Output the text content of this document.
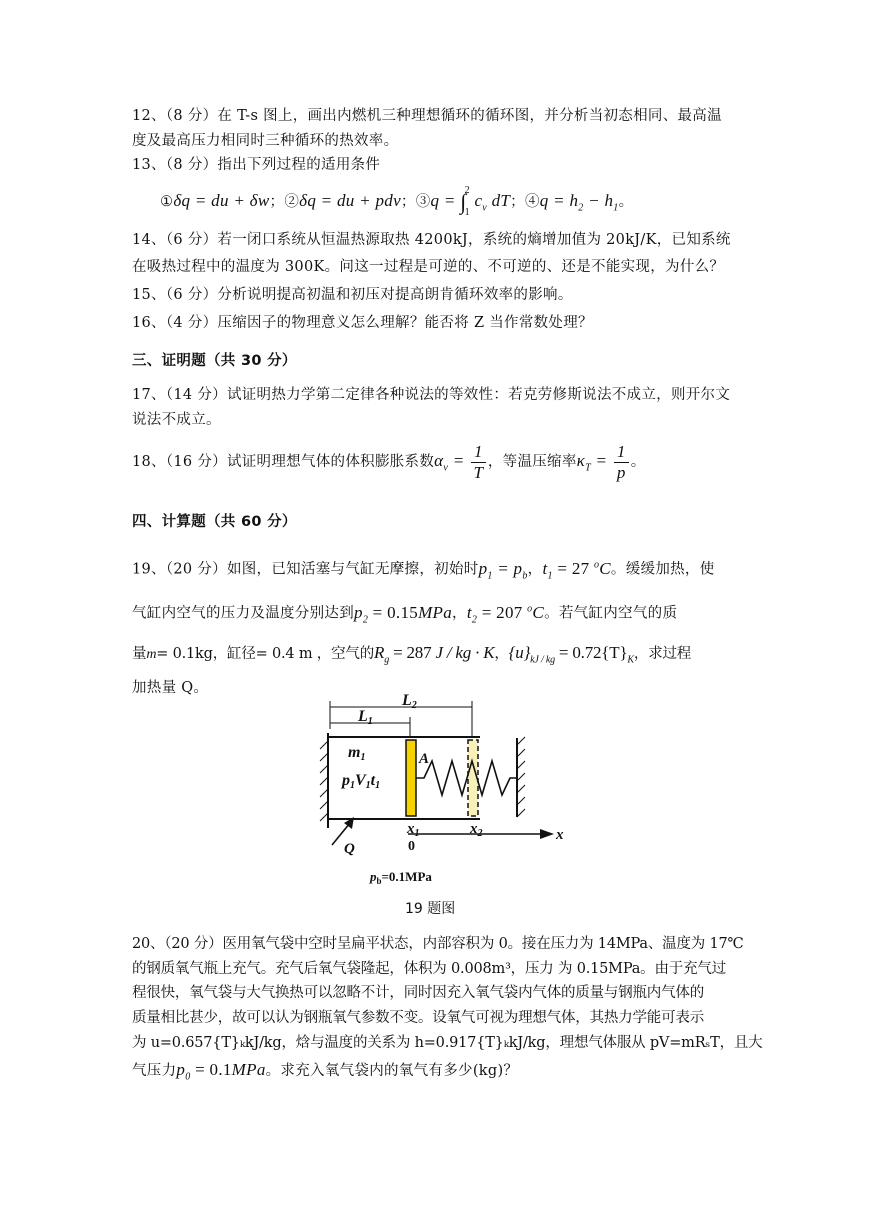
12、（8 分）在 T-s 图上，画出内燃机三种理想循环的循环图，并分析当初态相同、最高温
度及最高压力相同时三种循环的热效率。
13、（8 分）指出下列过程的适用条件
①δq = du + δw；②δq = du + pdv；③q = ∫
2
1
$c_v$ dT；④q = $h_2 - h_1$。
14、（6 分）若一闭口系统从恒温热源取热 4200kJ，系统的熵增加值为 20kJ/K，已知系统
在吸热过程中的温度为 300K。问这一过程是可逆的、不可逆的、还是不能实现，为什么？
15、（6 分）分析说明提高初温和初压对提高朗肯循环效率的影响。
16、（4 分）压缩因子的物理意义怎么理解？能否将 Z 当作常数处理？
三、证明题（共 30 分）
17、（14 分）试证明热力学第二定律各种说法的等效性：若克劳修斯说法不成立，则开尔文
说法不成立。
18、（16 分）试证明理想气体的体积膨胀系数$\alpha_v = \frac{1}{T}$ ，等温压缩率$\kappa_T = \frac{1}{p}$ 。
四、计算题（共 60 分）
19、（20 分）如图，已知活塞与气缸无摩擦，初始时$p_1 = p_b$，$t_1 = 27$ $^o$C。缓缓加热，使
气缸内空气的压力及温度分别达到$p_2 = 0.15MPa$，$t_2 = 207$ $^o$C。若气缸内空气的质
量m= 0.1kg，缸径= 0.4 m ，空气的$R_g = 287$ J / kg · K，$\{u\}_{kJ / kg} = 0.72\{T\}_K$，求过程
加热量 Q。
L2
L1
m1
p1V1t1
A
$x_1$
0
$x_2$	x
Q
$p_b=0.1MPa$
19 题图
20、（20 分）医用氧气袋中空时呈扁平状态，内部容积为 0。接在压力为 14MPa、温度为 17℃
的钢质氧气瓶上充气。充气后氧气袋隆起，体积为 0.008m³，压力 为 0.15MPa。由于充气过
程很快，氧气袋与大气换热可以忽略不计，同时因充入氧气袋内气体的质量与钢瓶内气体的
质量相比甚少，故可以认为钢瓶氧气参数不变。设氧气可视为理想气体，其热力学能可表示
为 u=0.657{T}ₖkJ/kg，焓与温度的关系为 h=0.917{T}ₖkJ/kg，理想气体服从 pV=mRₛT，且大
气压力$p_0 = 0.1MPa$。求充入氧气袋内的氧气有多少(kg)？
